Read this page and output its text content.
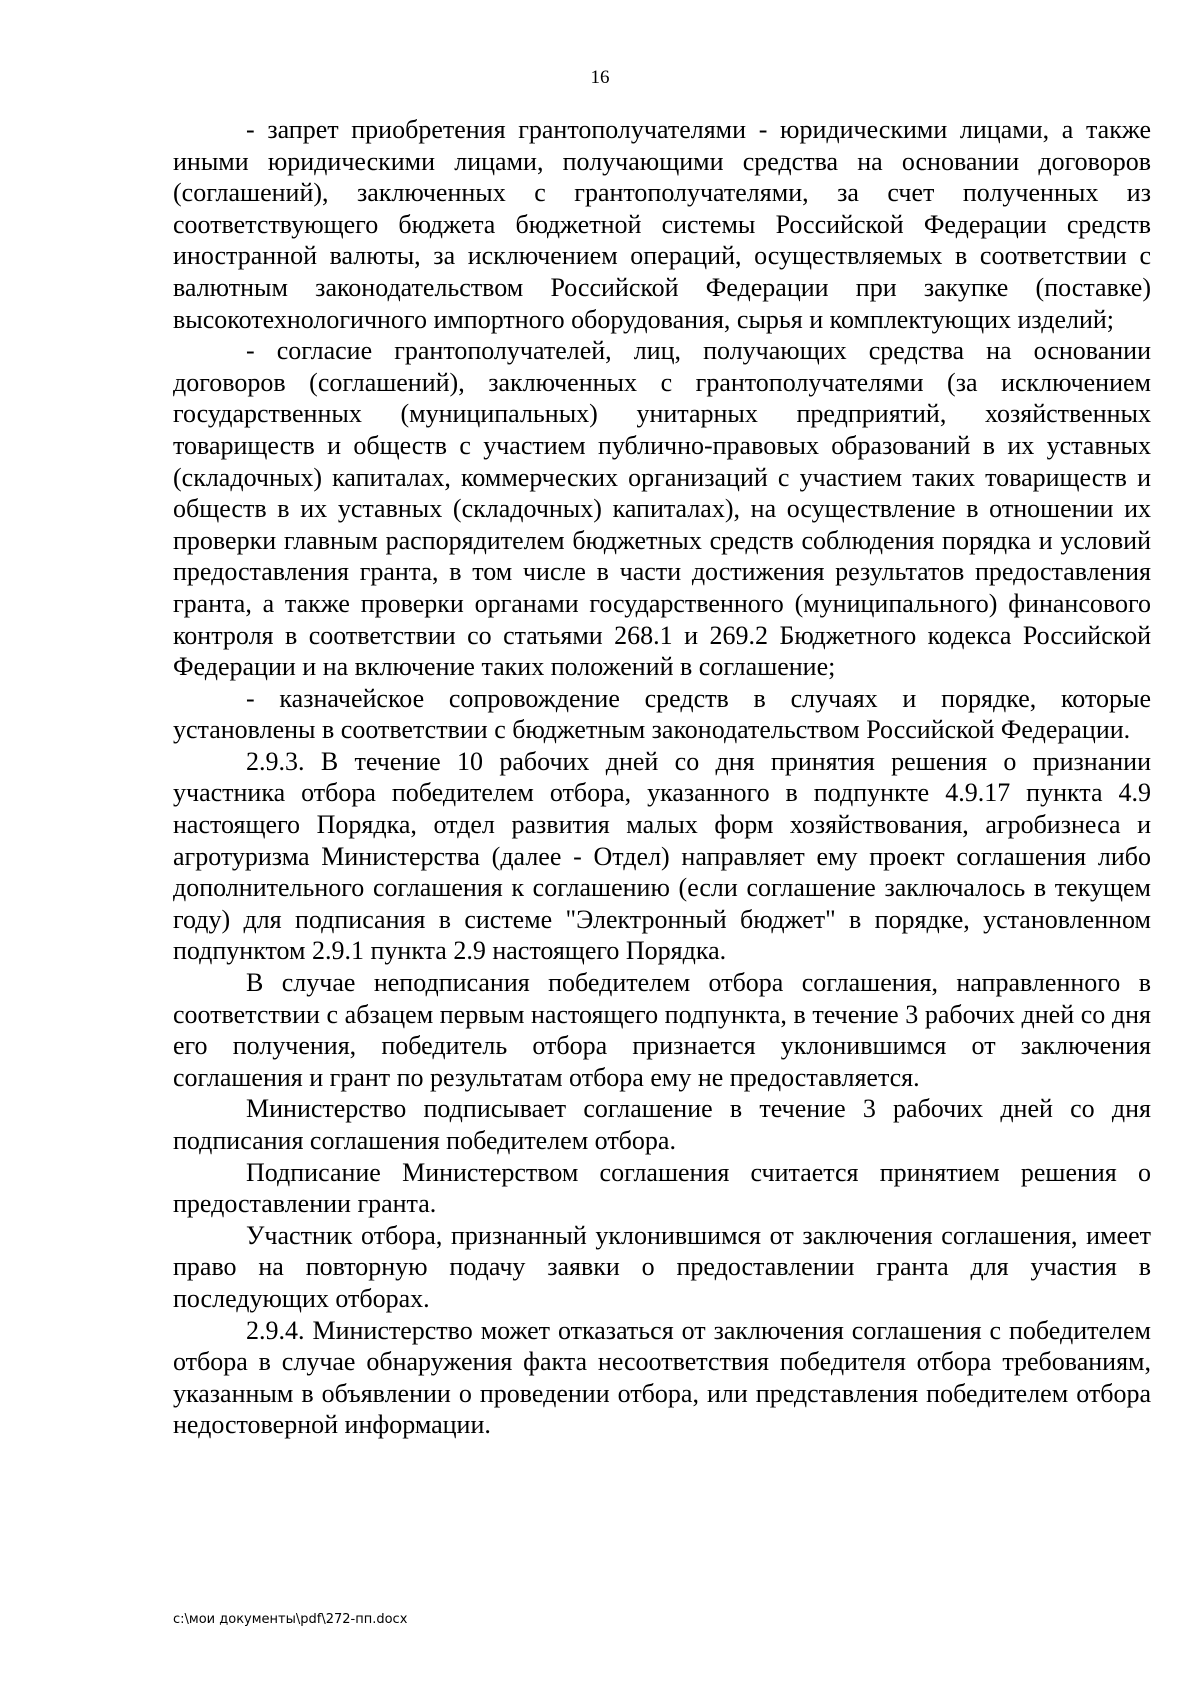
16

- запрет приобретения грантополучателями - юридическими лицами, а также иными юридическими лицами, получающими средства на основании договоров (соглашений), заключенных с грантополучателями, за счет полученных из соответствующего бюджета бюджетной системы Российской Федерации средств иностранной валюты, за исключением операций, осуществляемых в соответствии с валютным законодательством Российской Федерации при закупке (поставке) высокотехнологичного импортного оборудования, сырья и комплектующих изделий;

- согласие грантополучателей, лиц, получающих средства на основании договоров (соглашений), заключенных с грантополучателями (за исключением государственных (муниципальных) унитарных предприятий, хозяйственных товариществ и обществ с участием публично-правовых образований в их уставных (складочных) капиталах, коммерческих организаций с участием таких товариществ и обществ в их уставных (складочных) капиталах), на осуществление в отношении их проверки главным распорядителем бюджетных средств соблюдения порядка и условий предоставления гранта, в том числе в части достижения результатов предоставления гранта, а также проверки органами государственного (муниципального) финансового контроля в соответствии со статьями 268.1 и 269.2 Бюджетного кодекса Российской Федерации и на включение таких положений в соглашение;

- казначейское сопровождение средств в случаях и порядке, которые установлены в соответствии с бюджетным законодательством Российской Федерации.

2.9.3. В течение 10 рабочих дней со дня принятия решения о признании участника отбора победителем отбора, указанного в подпункте 4.9.17 пункта 4.9 настоящего Порядка, отдел развития малых форм хозяйствования, агробизнеса и агротуризма Министерства (далее - Отдел) направляет ему проект соглашения либо дополнительного соглашения к соглашению (если соглашение заключалось в текущем году) для подписания в системе "Электронный бюджет" в порядке, установленном подпунктом 2.9.1 пункта 2.9 настоящего Порядка.

В случае неподписания победителем отбора соглашения, направленного в соответствии с абзацем первым настоящего подпункта, в течение 3 рабочих дней со дня его получения, победитель отбора признается уклонившимся от заключения соглашения и грант по результатам отбора ему не предоставляется.

Министерство подписывает соглашение в течение 3 рабочих дней со дня подписания соглашения победителем отбора.

Подписание Министерством соглашения считается принятием решения о предоставлении гранта.

Участник отбора, признанный уклонившимся от заключения соглашения, имеет право на повторную подачу заявки о предоставлении гранта для участия в последующих отборах.

2.9.4. Министерство может отказаться от заключения соглашения с победителем отбора в случае обнаружения факта несоответствия победителя отбора требованиям, указанным в объявлении о проведении отбора, или представления победителем отбора недостоверной информации.

c:\мои документы\pdf\272-пп.docx
